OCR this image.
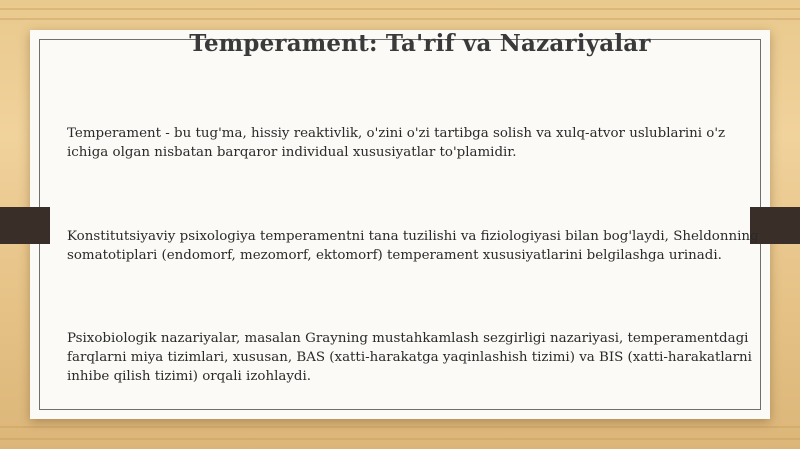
Temperament: Ta'rif va Nazariyalar

Temperament - bu tug'ma, hissiy reaktivlik, o'zini o'zi tartibga solish va xulq-atvor uslublarini o'z ichiga olgan nisbatan barqaror individual xususiyatlar to'plamidir.

Konstitutsiyaviy psixologiya temperamentni tana tuzilishi va fiziologiyasi bilan bog'laydi, Sheldonning somatotiplari (endomorf, mezomorf, ektomorf) temperament xususiyatlarini belgilashga urinadi.

Psixobiologik nazariyalar, masalan Grayning mustahkamlash sezgirligi nazariyasi, temperamentdagi farqlarni miya tizimlari, xususan, BAS (xatti-harakatga yaqinlashish tizimi) va BIS (xatti-harakatlarni inhibe qilish tizimi) orqali izohlaydi.
